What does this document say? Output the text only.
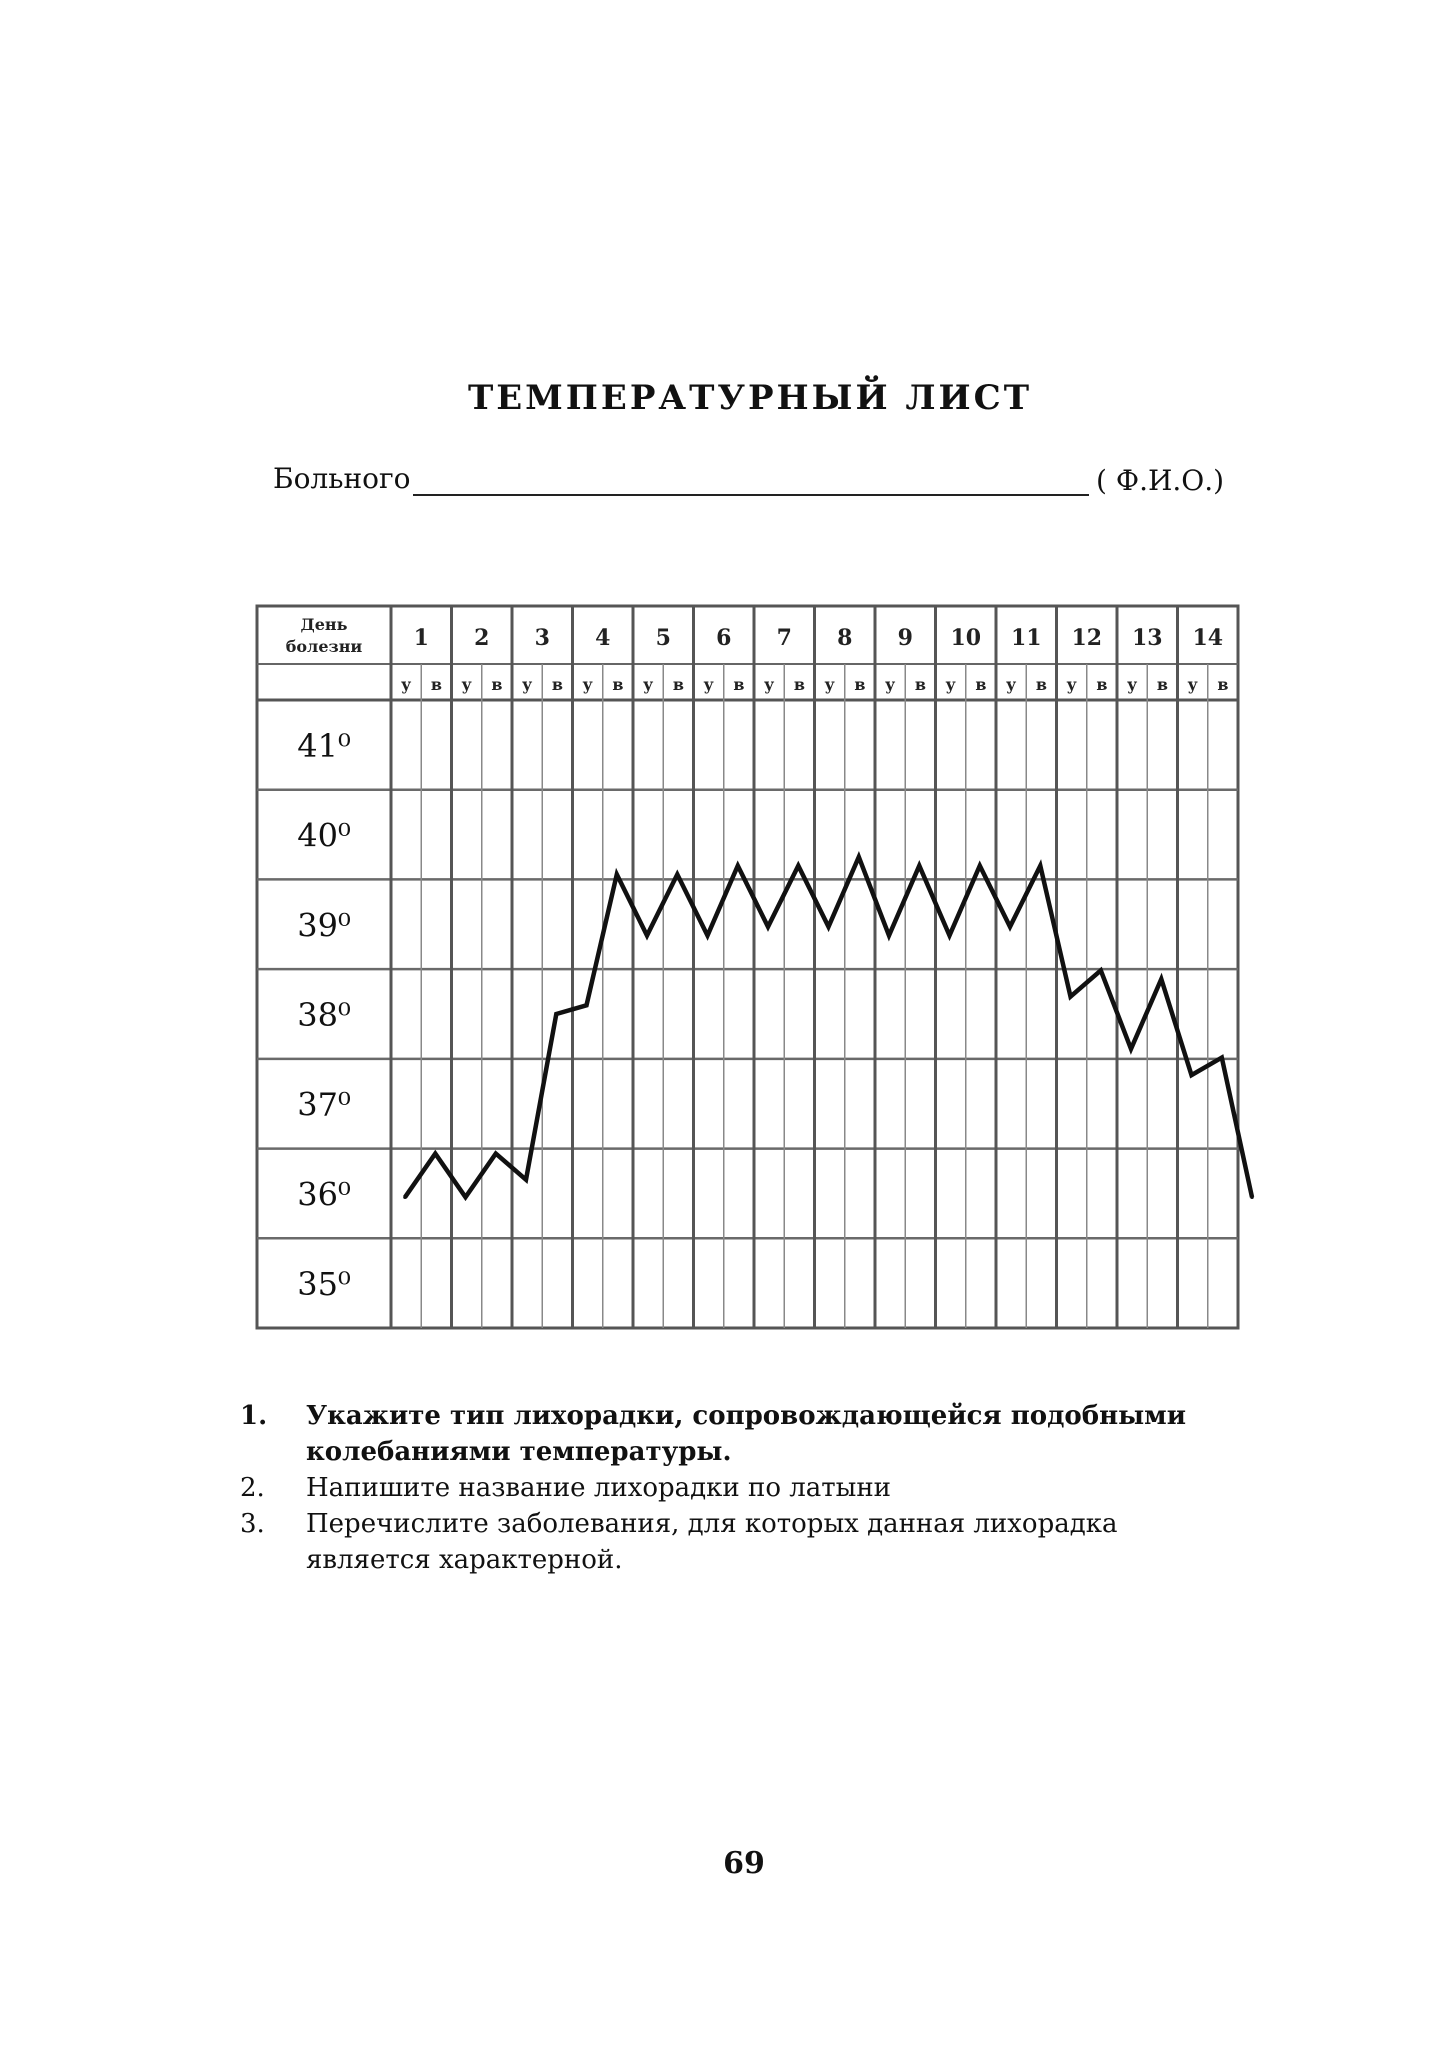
ТЕМПЕРАТУРНЫЙ ЛИСТ
Больного	( Ф.И.О.)
День болезни 1 2 3 4 5 6 7 8 9 10 11 12 13 14
у в у в у в у в у в у в у в у в у в у в у в у в у в у в
41⁰
40⁰
39⁰
38⁰
37⁰
36⁰
35⁰
1. Укажите тип лихорадки, сопровождающейся подобными колебаниями температуры.
2. Напишите название лихорадки по латыни
3. Перечислите заболевания, для которых данная лихорадка является характерной.
69
